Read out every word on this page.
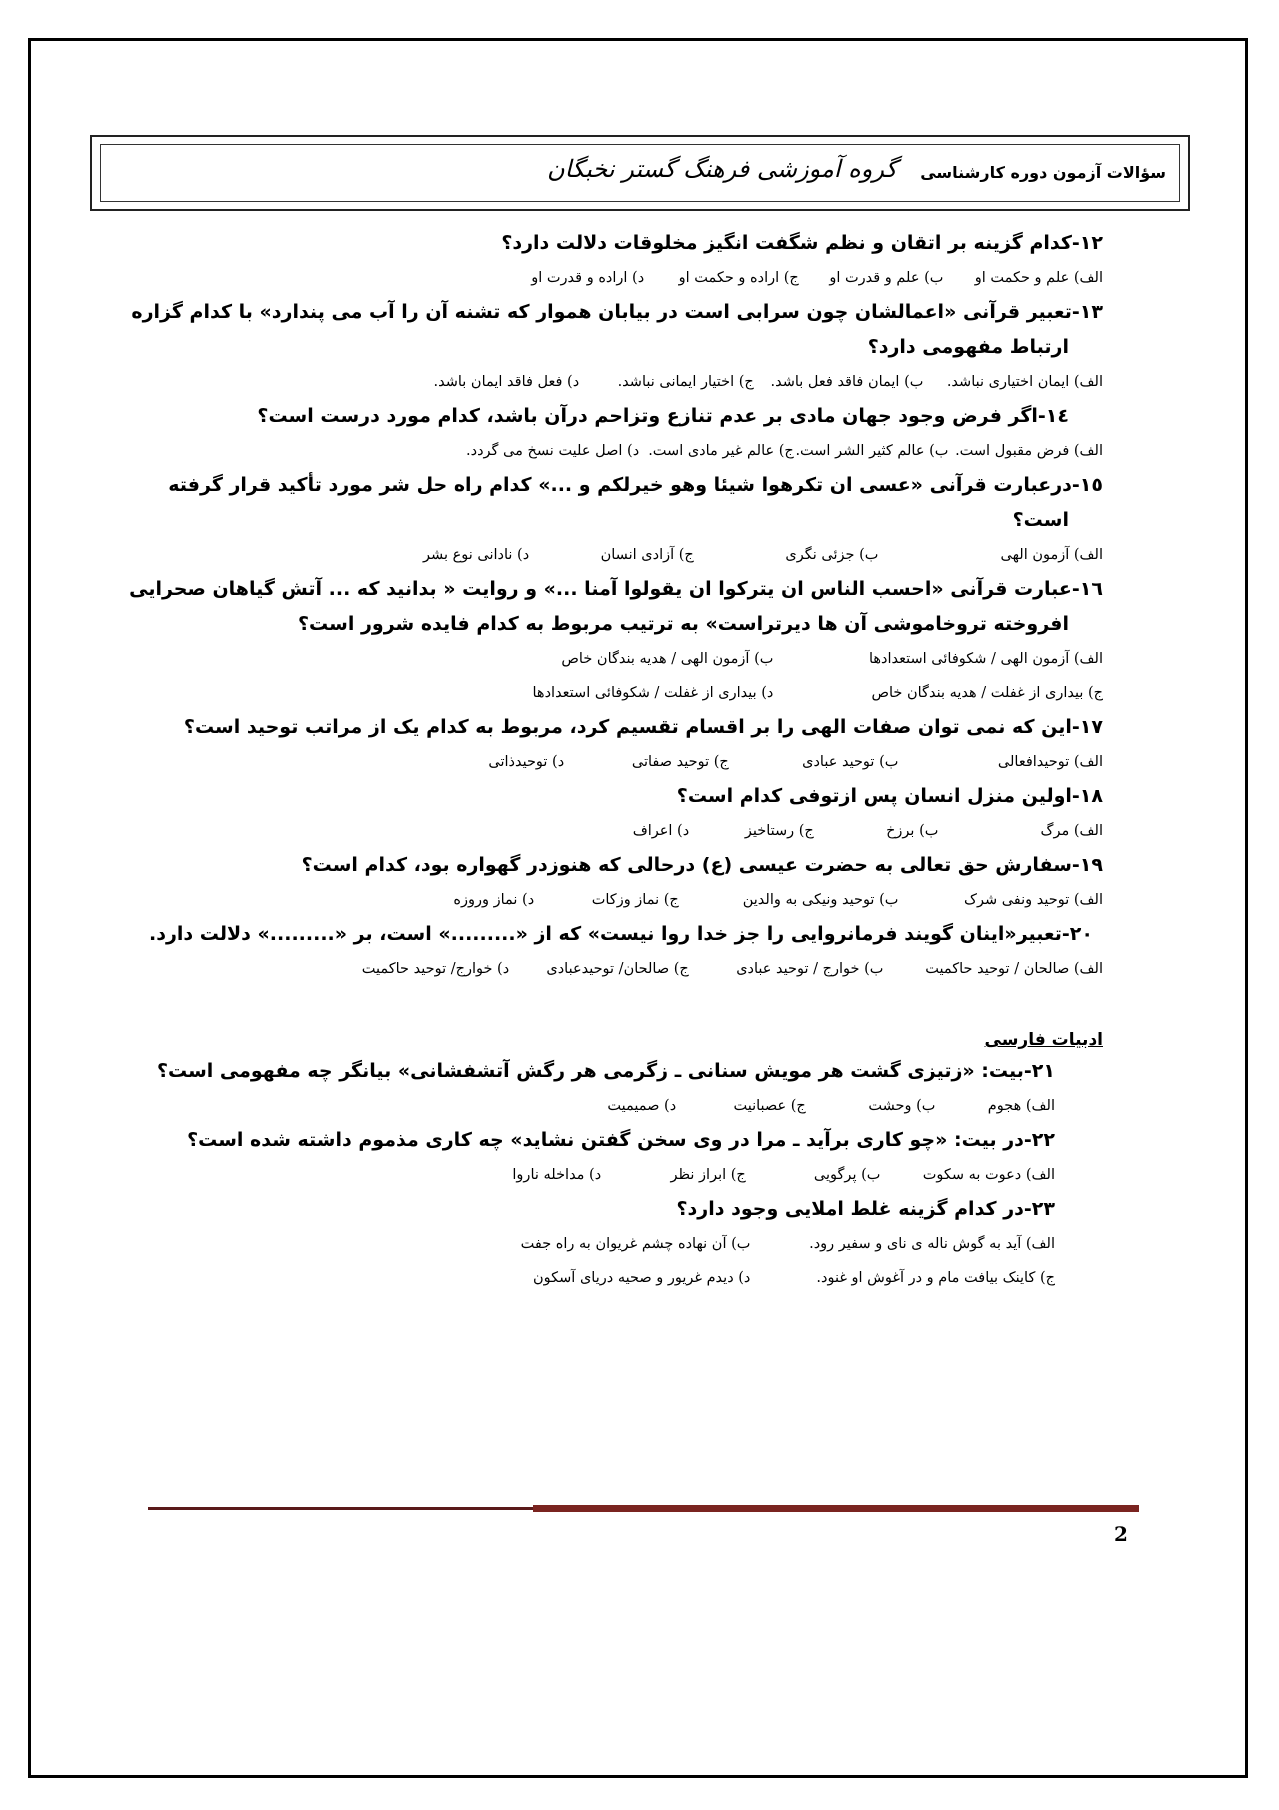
سؤالات آزمون دوره کارشناسی
گروه آموزشی فرهنگ گستر نخبگان
۱۲-کدام گزینه بر اتقان و نظم شگفت انگیز مخلوقات دلالت دارد؟
الف) علم و حکمت او ب) علم و قدرت او ج) اراده و حکمت او د) اراده و قدرت او
۱۳-تعبیر قرآنی «اعمالشان چون سرابی است در بیابان هموار که تشنه آن را آب می پندارد» با کدام گزاره
ارتباط مفهومی دارد؟
الف) ایمان اختیاری نباشد. ب) ایمان فاقد فعل باشد. ج) اختیار ایمانی نباشد. د) فعل فاقد ایمان باشد.
١٤-اگر فرض وجود جهان مادی بر عدم تنازع وتزاحم درآن باشد، کدام مورد درست است؟
الف) فرض مقبول است. ب) عالم کثیر الشر است. ج) عالم غیر مادی است. د) اصل علیت نسخ می گردد.
١٥-درعبارت قرآنی «عسی ان تکرهوا شیئا وهو خیرلکم و ...» کدام راه حل شر مورد تأکید قرار گرفته
است؟
الف) آزمون الهی ب) جزئی نگری ج) آزادی انسان د) نادانی نوع بشر
١٦-عبارت قرآنی «احسب الناس ان یترکوا ان یقولوا آمنا ...» و روایت « بدانید که ... آتش گیاهان صحرایی
افروخته تروخاموشی آن ها دیرتراست» به ترتیب مربوط به کدام فایده شرور است؟
الف) آزمون الهی / شکوفائی استعدادها ب) آزمون الهی / هدیه بندگان خاص
ج) بیداری از غفلت / هدیه بندگان خاص د) بیداری از غفلت / شکوفائی استعدادها
۱۷-این که نمی توان صفات الهی را بر اقسام تقسیم کرد، مربوط به کدام یک از مراتب توحید است؟
الف) توحیدافعالی ب) توحید عبادی ج) توحید صفاتی د) توحیدذاتی
۱۸-اولین منزل انسان پس ازتوفی کدام است؟
الف) مرگ ب) برزخ ج) رستاخیز د) اعراف
۱۹-سفارش حق تعالی به حضرت عیسی (ع) درحالی که هنوزدر گهواره بود، کدام است؟
الف) توحید ونفی شرک ب) توحید ونیکی به والدین ج) نماز وزکات د) نماز وروزه
۲۰-تعبیر«اینان گویند فرمانروایی را جز خدا روا نیست» که از «.........» است، بر «.........» دلالت دارد.
الف) صالحان / توحید حاکمیت ب) خوارج / توحید عبادی ج) صالحان/ توحیدعبادی د) خوارج/ توحید حاکمیت
ادبیات فارسی
۲۱-بیت: «زتیزی گشت هر مویش سنانی ـ زگرمی هر رگش آتشفشانی» بیانگر چه مفهومی است؟
الف) هجوم ب) وحشت ج) عصبانیت د) صمیمیت
۲۲-در بیت: «چو کاری برآید ـ مرا در وی سخن گفتن نشاید» چه کاری مذموم داشته شده است؟
الف) دعوت به سکوت ب) پرگویی ج) ابراز نظر د) مداخله ناروا
۲۳-در کدام گزینه غلط املایی وجود دارد؟
الف) آید به گوش ناله ی نای و سفیر رود. ب) آن نهاده چشم غریوان به راه جفت
ج) کاینک بیافت مام و در آغوش او غنود. د) دیدم غریور و صحیه دریای آسکون
2
